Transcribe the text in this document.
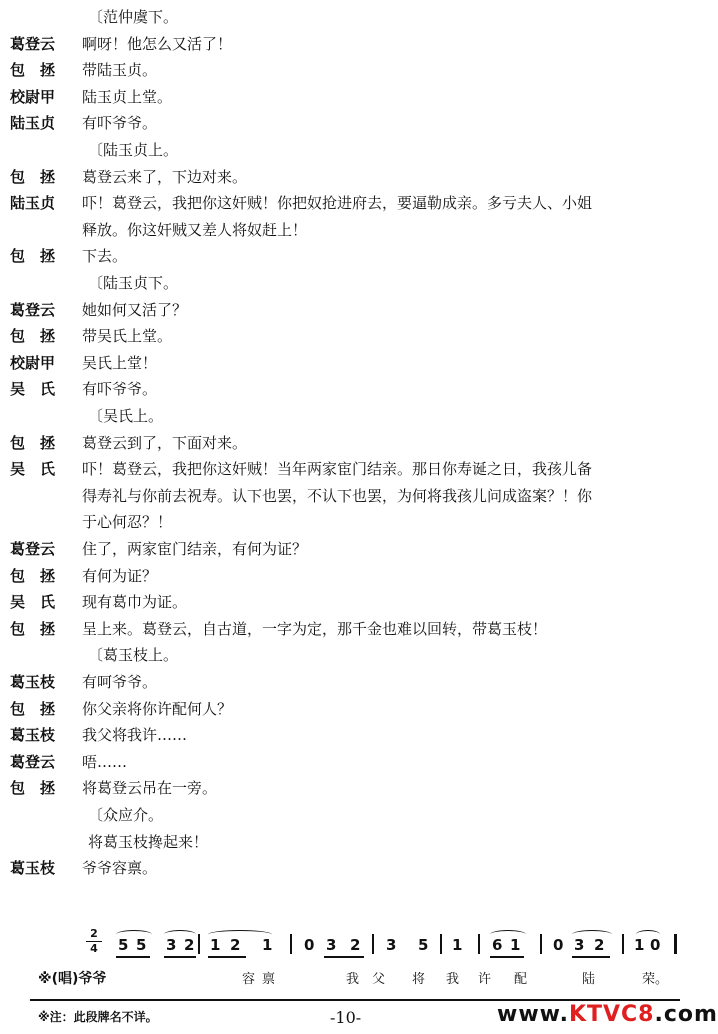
〔范仲虞下。
葛登云	啊呀！他怎么又活了！
包　拯	带陆玉贞。
校尉甲	陆玉贞上堂。
陆玉贞	有吓爷爷。
〔陆玉贞上。
包　拯	葛登云来了，下边对来。
陆玉贞	吓！葛登云，我把你这奸贼！你把奴抢进府去，要逼勒成亲。多亏夫人、小姐
释放。你这奸贼又差人将奴赶上！
包　拯	下去。
〔陆玉贞下。
葛登云	她如何又活了？
包　拯	带吴氏上堂。
校尉甲	吴氏上堂！
吴　氏	有吓爷爷。
〔吴氏上。
包　拯	葛登云到了，下面对来。
吴　氏	吓！葛登云，我把你这奸贼！当年两家宦门结亲。那日你寿诞之日，我孩儿备
得寿礼与你前去祝寿。认下也罢，不认下也罢，为何将我孩儿问成盗案？！你
于心何忍？！
葛登云	住了，两家宦门结亲，有何为证？
包　拯	有何为证？
吴　氏	现有葛巾为证。
包　拯	呈上来。葛登云，自古道，一字为定，那千金也难以回转，带葛玉枝！
〔葛玉枝上。
葛玉枝	有呵爷爷。
包　拯	你父亲将你许配何人？
葛玉枝	我父将我许……
葛登云	唔……
包　拯	将葛登云吊在一旁。
〔众应介。
将葛玉枝搀起来！
葛玉枝	爷爷容禀。
2
4 5 5 3 2 1 2 1 0 3 2 3 5 1 6 1 0 3 2 1 0
※(唱)爷爷	容 禀	我 父 将 我 许 配	陆	荣。
※注：此段牌名不详。	-10-	www.KTVC8.com
